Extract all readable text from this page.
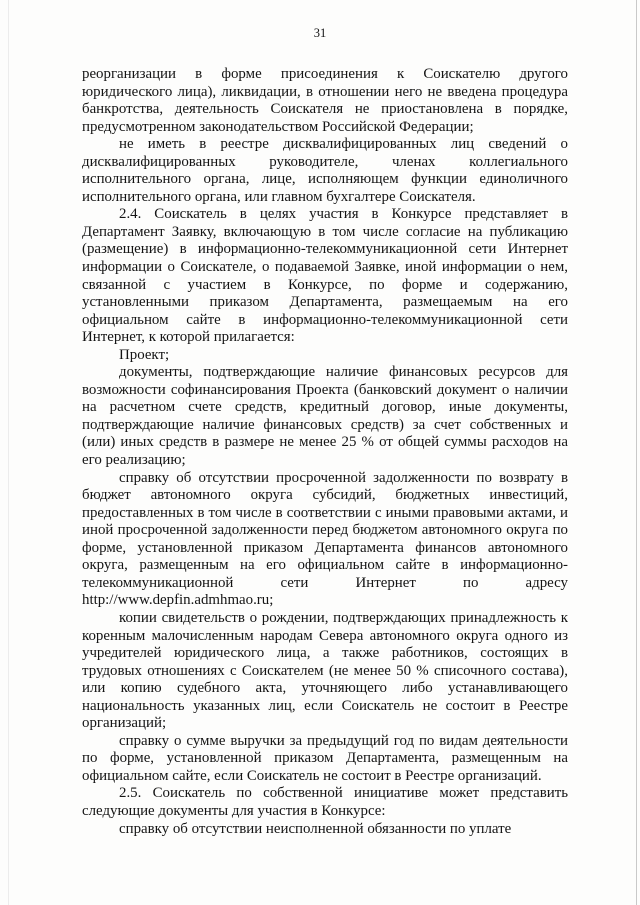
31

реорганизации в форме присоединения к Соискателю другого юридического лица), ликвидации, в отношении него не введена процедура банкротства, деятельность Соискателя не приостановлена в порядке, предусмотренном законодательством Российской Федерации;

не иметь в реестре дисквалифицированных лиц сведений о дисквалифицированных руководителе, членах коллегиального исполнительного органа, лице, исполняющем функции единоличного исполнительного органа, или главном бухгалтере Соискателя.

2.4. Соискатель в целях участия в Конкурсе представляет в Департамент Заявку, включающую в том числе согласие на публикацию (размещение) в информационно-телекоммуникационной сети Интернет информации о Соискателе, о подаваемой Заявке, иной информации о нем, связанной с участием в Конкурсе, по форме и содержанию, установленными приказом Департамента, размещаемым на его официальном сайте в информационно-телекоммуникационной сети Интернет, к которой прилагается:

Проект;

документы, подтверждающие наличие финансовых ресурсов для возможности софинансирования Проекта (банковский документ о наличии на расчетном счете средств, кредитный договор, иные документы, подтверждающие наличие финансовых средств) за счет собственных и (или) иных средств в размере не менее 25 % от общей суммы расходов на его реализацию;

справку об отсутствии просроченной задолженности по возврату в бюджет автономного округа субсидий, бюджетных инвестиций, предоставленных в том числе в соответствии с иными правовыми актами, и иной просроченной задолженности перед бюджетом автономного округа по форме, установленной приказом Департамента финансов автономного округа, размещенным на его официальном сайте в информационно-телекоммуникационной сети Интернет по адресу http://www.depfin.admhmao.ru;

копии свидетельств о рождении, подтверждающих принадлежность к коренным малочисленным народам Севера автономного округа одного из учредителей юридического лица, а также работников, состоящих в трудовых отношениях с Соискателем (не менее 50 % списочного состава), или копию судебного акта, уточняющего либо устанавливающего национальность указанных лиц, если Соискатель не состоит в Реестре организаций;

справку о сумме выручки за предыдущий год по видам деятельности по форме, установленной приказом Департамента, размещенным на официальном сайте, если Соискатель не состоит в Реестре организаций.

2.5. Соискатель по собственной инициативе может представить следующие документы для участия в Конкурсе:

справку об отсутствии неисполненной обязанности по уплате
